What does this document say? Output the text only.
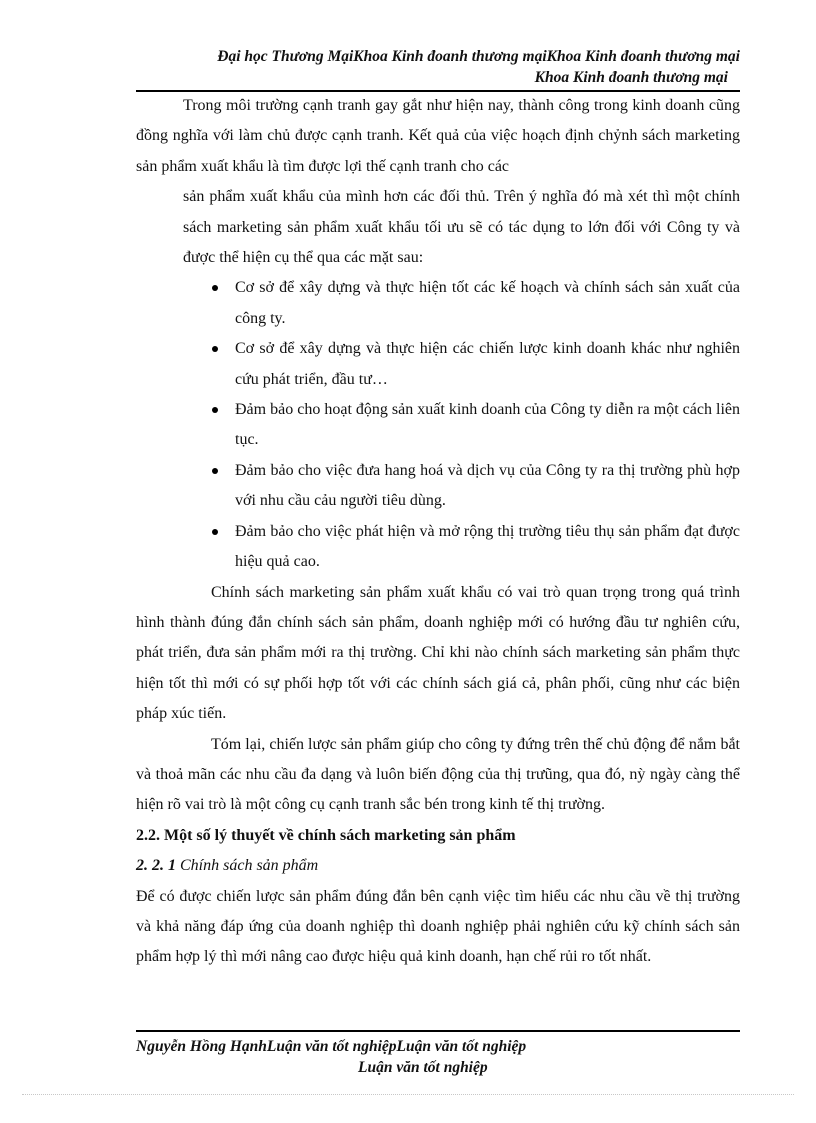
Đại học Thương MạiKhoa Kinh đoanh thương mạiKhoa Kinh đoanh thương mại
Khoa Kinh đoanh thương mại

Trong môi trường cạnh tranh gay gắt như hiện nay, thành công trong kinh doanh cũng đồng nghĩa với làm chủ được cạnh tranh. Kết quả của việc hoạch định chỷnh sách marketing sản phẩm xuất khẩu là tìm được lợi thế cạnh tranh cho các

sản phẩm xuất khẩu của mình hơn các đối thủ. Trên ý nghĩa đó mà xét thì một chính sách marketing sản phẩm xuất khẩu tối ưu sẽ có tác dụng to lớn đối với Công ty và được thể hiện cụ thể qua các mặt sau:

Cơ sở để xây dựng và thực hiện tốt các kế hoạch và chính sách sản xuất của công ty.
Cơ sở để xây dựng và thực hiện các chiến lược kinh doanh khác như nghiên cứu phát triển, đầu tư…
Đảm bảo cho hoạt động sản xuất kinh doanh của Công ty diễn ra một cách liên tục.
Đảm bảo cho việc đưa hang hoá và dịch vụ của Công ty ra thị trường phù hợp với nhu cầu cảu người tiêu dùng.
Đảm bảo cho việc phát hiện và mở rộng thị trường tiêu thụ sản phẩm đạt được hiệu quả cao.

Chính sách marketing sản phẩm xuất khẩu có vai trò quan trọng trong quá trình hình thành đúng đắn chính sách sản phẩm, doanh nghiệp mới có hướng đầu tư nghiên cứu, phát triển, đưa sản phẩm mới ra thị trường. Chỉ khi nào chính sách marketing sản phẩm thực hiện tốt thì mới có sự phối hợp tốt với các chính sách giá cả, phân phối, cũng như các biện pháp xúc tiến.

Tóm lại, chiến lược sản phẩm giúp cho công ty đứng trên thế chủ động để nắm bắt và thoả mãn các nhu cầu đa dạng và luôn biến động của thị trưũng, qua đó, nỳ ngày càng thể hiện rõ vai trò là một công cụ cạnh tranh sắc bén trong kinh tế thị trường.

2.2. Một số lý thuyết về chính sách marketing sản phẩm

2. 2. 1 Chính sách sản phẩm

Để có được chiến lược sản phẩm đúng đắn bên cạnh việc tìm hiểu các nhu cầu về thị trường và khả năng đáp ứng của doanh nghiệp thì doanh nghiệp phải nghiên cứu kỹ chính sách sản phẩm hợp lý thì mới nâng cao được hiệu quả kinh doanh, hạn chế rủi ro tốt nhất.

Nguyễn Hồng HạnhLuận văn tốt nghiệpLuận văn tốt nghiệp
Luận văn tốt nghiệp
